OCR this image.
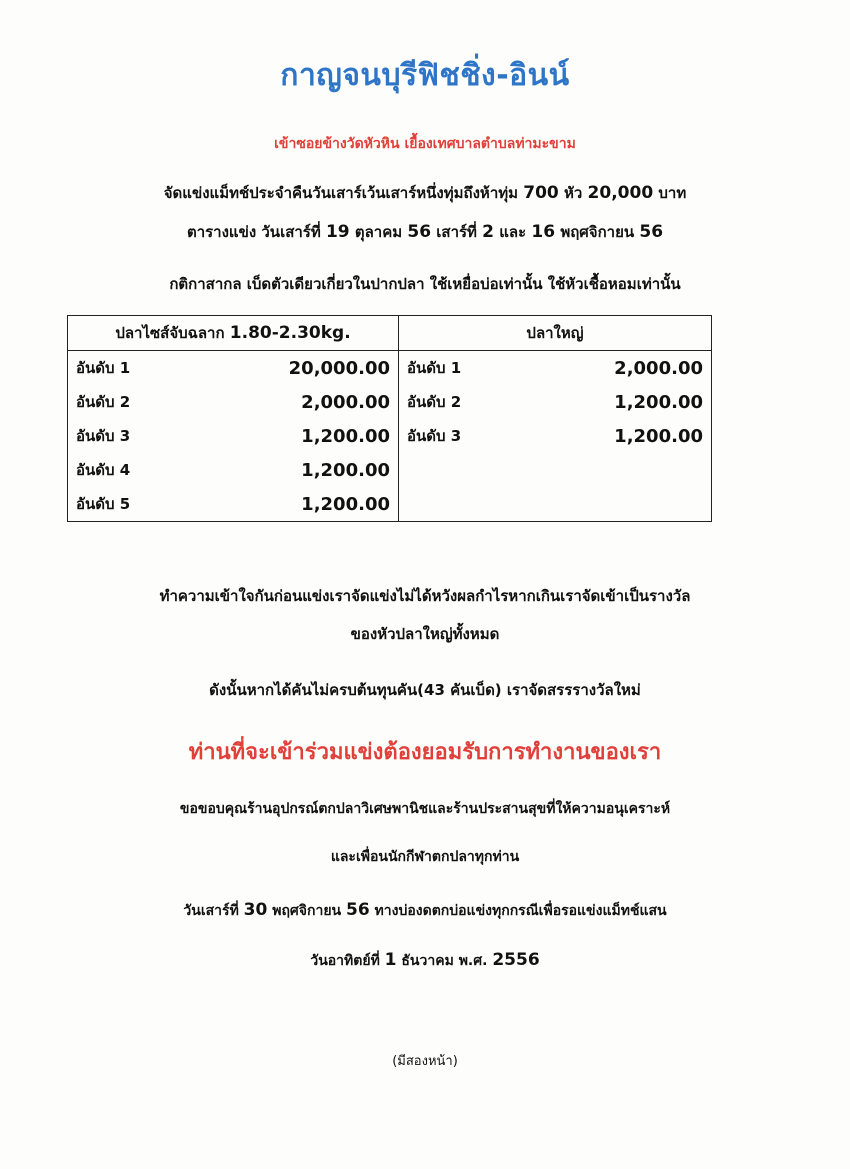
กาญจนบุรีฟิชชิ่ง-อินน์
เข้าซอยข้างวัดหัวหิน เยื้องเทศบาลตำบลท่ามะขาม
จัดแข่งแม็ทช์ประจำคืนวันเสาร์เว้นเสาร์หนึ่งทุ่มถึงห้าทุ่ม 700 หัว 20,000 บาท
ตารางแข่ง วันเสาร์ที่ 19 ตุลาคม 56 เสาร์ที่ 2 และ 16 พฤศจิกายน 56
กติกาสากล เบ็ดตัวเดียวเกี่ยวในปากปลา ใช้เหยื่อบ่อเท่านั้น ใช้หัวเชื้อหอมเท่านั้น
ปลาไซส์จับฉลาก 1.80-2.30kg.	ปลาใหญ่

อันดับ 1 20,000.00	อันดับ 1 2,000.00

อันดับ 2 2,000.00	อันดับ 2 1,200.00

อันดับ 3 1,200.00	อันดับ 3 1,200.00

อันดับ 4 1,200.00	

อันดับ 5 1,200.00	

ทำความเข้าใจกันก่อนแข่งเราจัดแข่งไม่ได้หวังผลกำไรหากเกินเราจัดเข้าเป็นรางวัล
ของหัวปลาใหญ่ทั้งหมด
ดังนั้นหากได้คันไม่ครบต้นทุนคัน(43 คันเบ็ด) เราจัดสรรรางวัลใหม่
ท่านที่จะเข้าร่วมแข่งต้องยอมรับการทำงานของเรา
ขอขอบคุณร้านอุปกรณ์ตกปลาวิเศษพานิชและร้านประสานสุขที่ให้ความอนุเคราะห์
และเพื่อนนักกีฬาตกปลาทุกท่าน
วันเสาร์ที่ 30 พฤศจิกายน 56 ทางบ่องดตกบ่อแข่งทุกกรณีเพื่อรอแข่งแม็ทช์แสน
วันอาทิตย์ที่ 1 ธันวาคม พ.ศ. 2556
(มีสองหน้า)
